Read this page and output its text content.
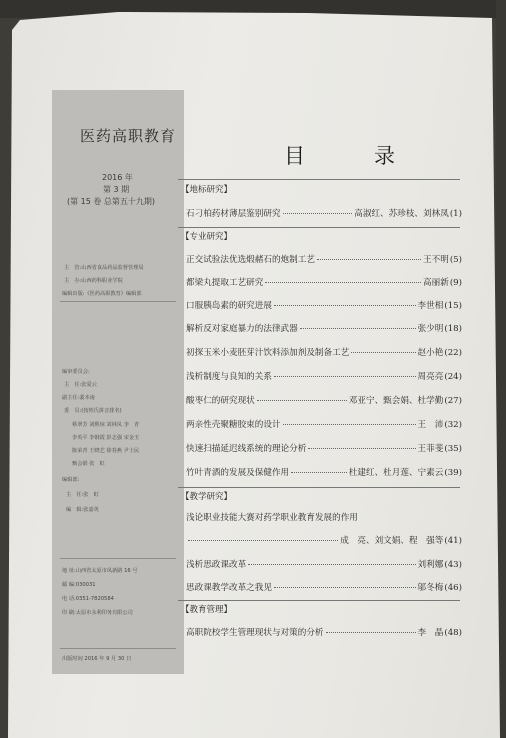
医药高职教育
2016 年
第 3 期
(第 15 卷 总第五十九期)
主　管:山西省食品药品监督管理局
主　办:山西药科职业学院
编辑出版:《医药高职教育》编辑部
编审委员会:
主　任:张爱云
副主任:裴本南
委　员:(按姓氏拼音排名)
蔡翠芳 刘熙琼 刘林凤 李　青
李英平 李钢霞 彭志强 宋金玉
陈荣青 王晓艺 徐春燕 尹士民
甄会娟 张　虹
编辑部:
主　任:张　虹
编　辑:张嘉英
地 址:山西省太原市凤新路 16 号
邮 编:030031
电 话:0351-7820584
印 刷:太原市永利印务有限公司
出版时间 2016 年 9 月 30 日
目　录
【地标研究】
石刁柏药材薄层鉴别研究	高淑红、苏珍枝、刘林凤 (1)
【专业研究】
正交试验法优选煅赭石的炮制工艺	王不明 (5)
都梁丸提取工艺研究	高丽新 (9)
口服胰岛素的研究进展	李世相 (15)
解析反对家庭暴力的法律武器	张少明 (18)
初探玉米小麦胚芽汁饮料添加剂及制备工艺	赵小艳 (22)
浅析制度与良知的关系	周亮亮 (24)
酸枣仁的研究现状	邓亚宁、甄会娟、杜学勤 (27)
两亲性壳聚糖胶束的设计	王　沛 (32)
快速扫描延迟线系统的理论分析	王菲斐 (35)
竹叶青酒的发展及保健作用	杜建红、杜月莲、宁素云 (39)
【教学研究】
浅论职业技能大赛对药学职业教育发展的作用
成　亮、刘文娟、程　强等 (41)
浅析思政课改革	刘利娜 (43)
思政课教学改革之我见	邬冬梅 (46)
【教育管理】
高职院校学生管理现状与对策的分析	李　晶 (48)
